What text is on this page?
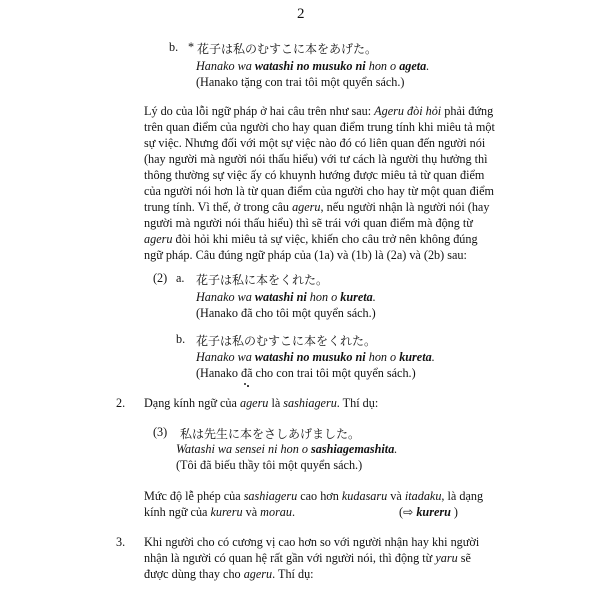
2
b. * 花子は私のむすこに本をあげた。
Hanako wa watashi no musuko ni hon o ageta.
(Hanako tặng con trai tôi một quyển sách.)
Lý do của lỗi ngữ pháp ở hai câu trên như sau: Ageru đòi hỏi phải đứng
trên quan điểm của người cho hay quan điểm trung tính khi miêu tả một
sự việc. Nhưng đối với một sự việc nào đó có liên quan đến người nói
(hay người mà người nói thấu hiểu) với tư cách là người thụ hưởng thì
thông thường sự việc ấy có khuynh hướng được miêu tả từ quan điểm
của người nói hơn là từ quan điểm của người cho hay từ một quan điểm
trung tính. Vì thế, ở trong câu ageru, nếu người nhận là người nói (hay
người mà người nói thấu hiểu) thì sẽ trái với quan điểm mà động từ
ageru đòi hỏi khi miêu tả sự việc, khiến cho câu trở nên không đúng
ngữ pháp. Câu đúng ngữ pháp của (1a) và (1b) là (2a) và (2b) sau:
(2) a. 花子は私に本をくれた。
Hanako wa watashi ni hon o kureta.
(Hanako đã cho tôi một quyển sách.)
b. 花子は私のむすこに本をくれた。
Hanako wa watashi no musuko ni hon o kureta.
(Hanako đã cho con trai tôi một quyển sách.)
2. Dạng kính ngữ của ageru là sashiageru. Thí dụ:
(3) 私は先生に本をさしあげました。
Watashi wa sensei ni hon o sashiagemashita.
(Tôi đã biếu thầy tôi một quyển sách.)
Mức độ lễ phép của sashiageru cao hơn kudasaru và itadaku, là dạng
kính ngữ của kureru và morau.	(⇨ kureru )
3. Khi người cho có cương vị cao hơn so với người nhận hay khi người
nhận là người có quan hệ rất gần với người nói, thì động từ yaru sẽ
được dùng thay cho ageru. Thí dụ:
